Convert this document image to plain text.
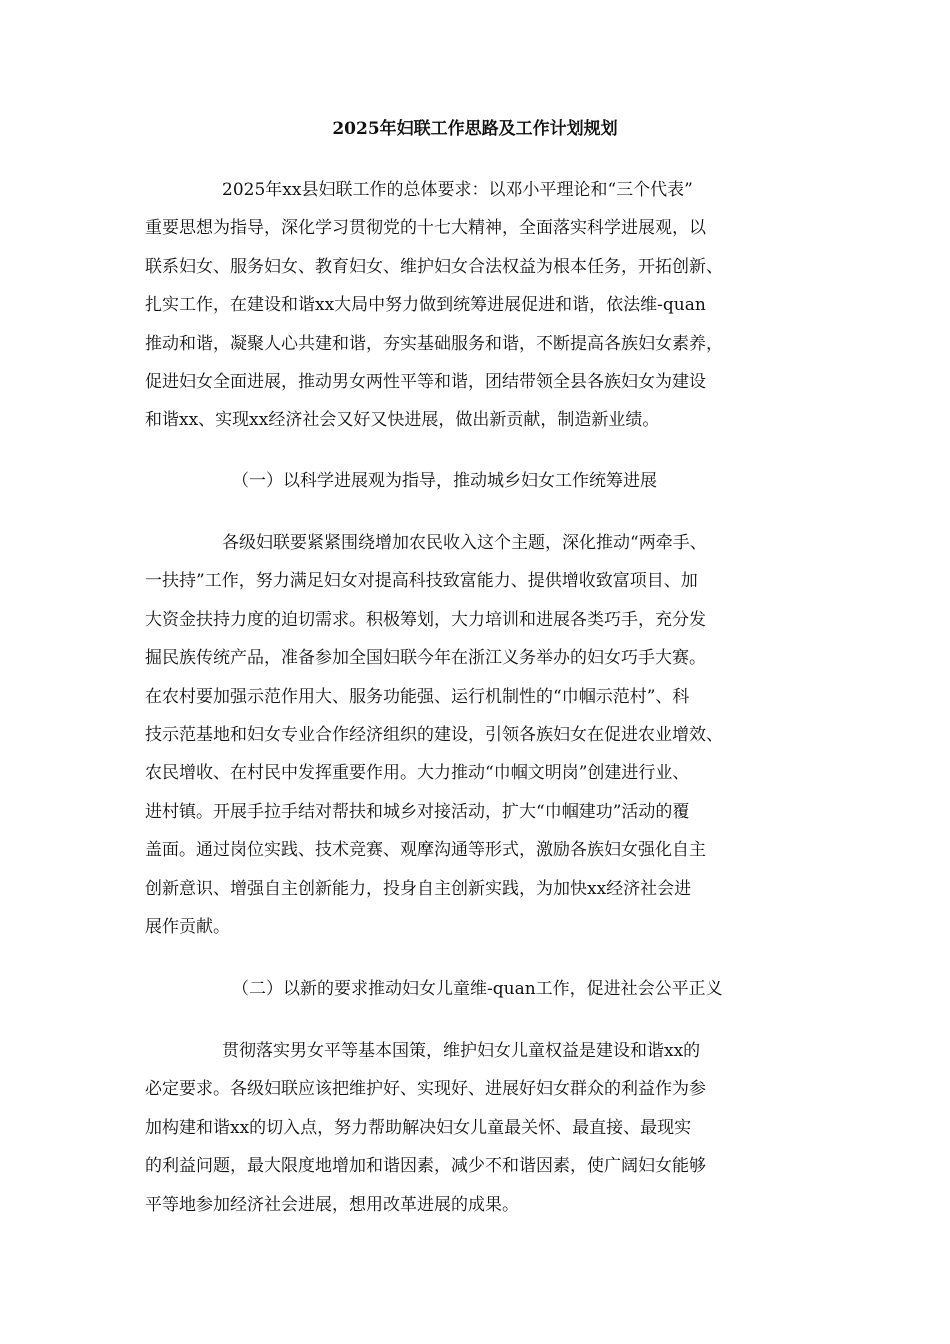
2025年妇联工作思路及工作计划规划
2025年xx县妇联工作的总体要求：以邓小平理论和“三个代表”
重要思想为指导，深化学习贯彻党的十七大精神，全面落实科学进展观，以
联系妇女、服务妇女、教育妇女、维护妇女合法权益为根本任务，开拓创新、
扎实工作，在建设和谐xx大局中努力做到统筹进展促进和谐，依法维-quan
推动和谐，凝聚人心共建和谐，夯实基础服务和谐，不断提高各族妇女素养，
促进妇女全面进展，推动男女两性平等和谐，团结带领全县各族妇女为建设
和谐xx、实现xx经济社会又好又快进展，做出新贡献，制造新业绩。
（一）以科学进展观为指导，推动城乡妇女工作统筹进展
各级妇联要紧紧围绕增加农民收入这个主题，深化推动“两牵手、
一扶持”工作，努力满足妇女对提高科技致富能力、提供增收致富项目、加
大资金扶持力度的迫切需求。积极筹划，大力培训和进展各类巧手，充分发
掘民族传统产品，准备参加全国妇联今年在浙江义务举办的妇女巧手大赛。
在农村要加强示范作用大、服务功能强、运行机制性的“巾帼示范村”、科
技示范基地和妇女专业合作经济组织的建设，引领各族妇女在促进农业增效、
农民增收、在村民中发挥重要作用。大力推动“巾帼文明岗”创建进行业、
进村镇。开展手拉手结对帮扶和城乡对接活动，扩大“巾帼建功”活动的覆
盖面。通过岗位实践、技术竞赛、观摩沟通等形式，激励各族妇女强化自主
创新意识、增强自主创新能力，投身自主创新实践，为加快xx经济社会进
展作贡献。
（二）以新的要求推动妇女儿童维-quan工作，促进社会公平正义
贯彻落实男女平等基本国策，维护妇女儿童权益是建设和谐xx的
必定要求。各级妇联应该把维护好、实现好、进展好妇女群众的利益作为参
加构建和谐xx的切入点，努力帮助解决妇女儿童最关怀、最直接、最现实
的利益问题，最大限度地增加和谐因素，减少不和谐因素，使广阔妇女能够
平等地参加经济社会进展，想用改革进展的成果。
